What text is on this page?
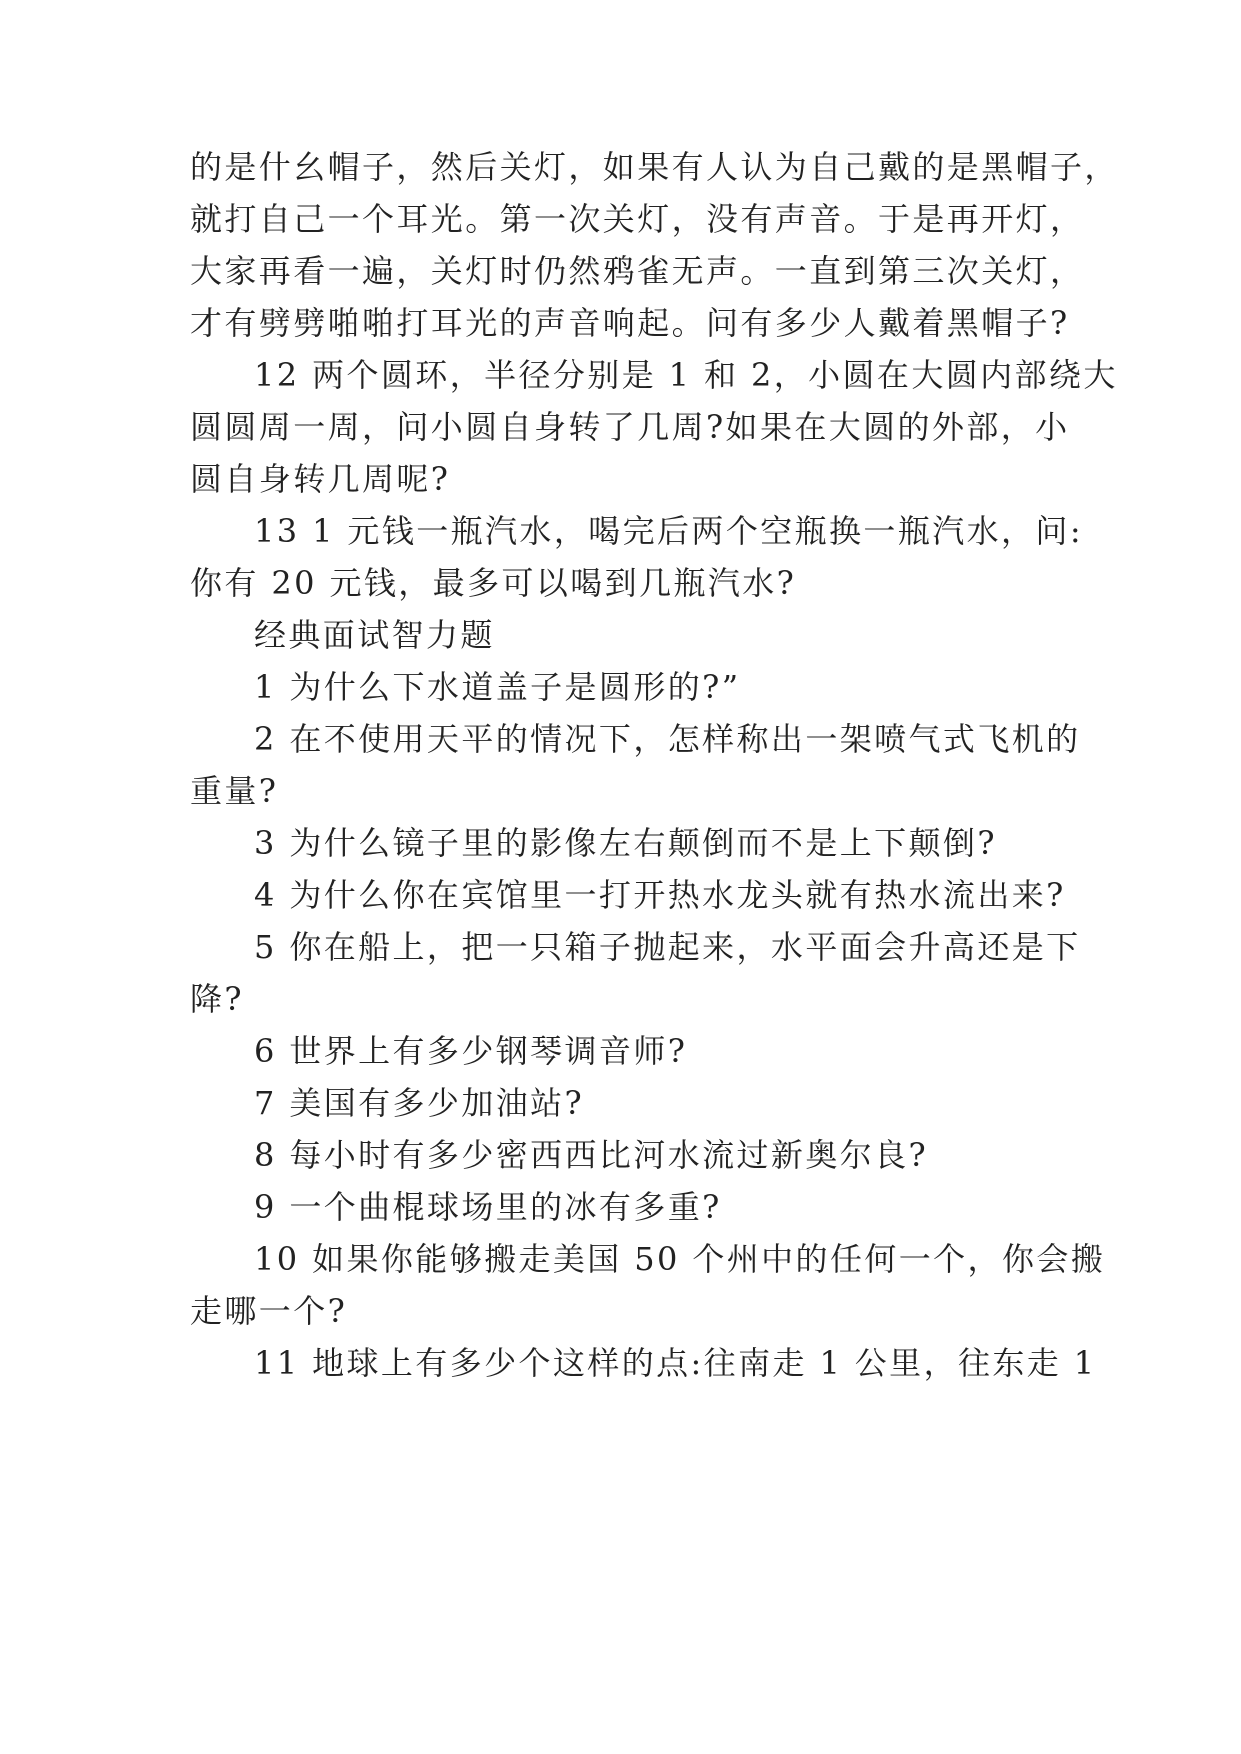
的是什幺帽子，然后关灯，如果有人认为自己戴的是黑帽子，
就打自己一个耳光。第一次关灯，没有声音。于是再开灯，
大家再看一遍，关灯时仍然鸦雀无声。一直到第三次关灯，
才有劈劈啪啪打耳光的声音响起。问有多少人戴着黑帽子?
12 两个圆环，半径分别是 1 和 2，小圆在大圆内部绕大
圆圆周一周，问小圆自身转了几周?如果在大圆的外部，小
圆自身转几周呢?
13 1 元钱一瓶汽水，喝完后两个空瓶换一瓶汽水，问:
你有 20 元钱，最多可以喝到几瓶汽水?
经典面试智力题
1 为什么下水道盖子是圆形的?”
2 在不使用天平的情况下，怎样称出一架喷气式飞机的
重量?
3 为什么镜子里的影像左右颠倒而不是上下颠倒?
4 为什么你在宾馆里一打开热水龙头就有热水流出来?
5 你在船上，把一只箱子抛起来，水平面会升高还是下
降?
6 世界上有多少钢琴调音师?
7 美国有多少加油站?
8 每小时有多少密西西比河水流过新奥尔良?
9 一个曲棍球场里的冰有多重?
10 如果你能够搬走美国 50 个州中的任何一个，你会搬
走哪一个?
11 地球上有多少个这样的点:往南走 1 公里，往东走 1
